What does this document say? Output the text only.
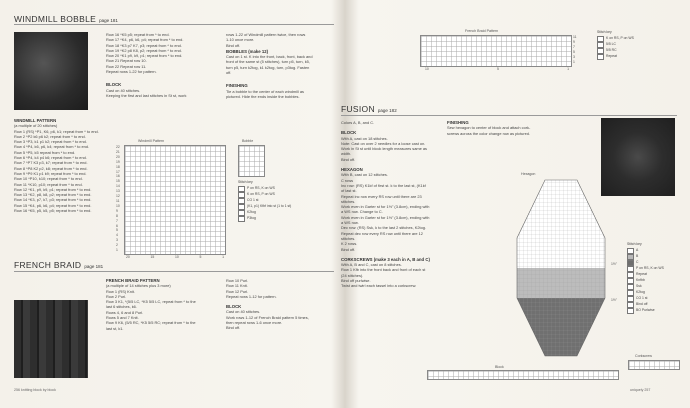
WINDMILL BOBBLE page 181

WINDMILL PATTERN

(a multiple of 20 stitches)

Row 1 (RS) *P1, K6, p6, k1; repeat from * to end.

Row 2 *P2 k6 p6 k2; repeat from * to end.

Row 3 *P3, k1 p1 k2; repeat from * to end.

Row 4 *P4, k6, p6, k4; repeat from * to end.

Row 5 *P5, k5 repeat from * to end.

Row 6 *P4, k4 p4 k6; repeat from * to end.

Row 7 *P7 K3 p3, k7; repeat from * to end.

Row 8 *P8 K2 p2, k8; repeat from * to end.

Row 9 *P9 K1 p1 k9; repeat from * to end.

Row 10 *P10, k10; repeat from * to end.

Row 11 *K10, p10; repeat from * to end.

Row 12 *K1, p9, k9, p1; repeat from * to end.

Row 13 *K2, p8, k8, p2; repeat from * to end.

Row 14 *K3, p7, k7, p3; repeat from * to end.

Row 15 *K4, p6, k6, p4; repeat from * to end.

Row 16 *K5, p5, k5, p5; repeat from * to end.

Row 16 *K5 p5; repeat from * to end.

Row 17 *K4, p6, k6, p4; repeat from * to end.

Row 18 *K3 p7 K7, p3; repeat from * to end.

Row 19 *K2 p8 K8, p2; repeat from * to end.

Row 20 *K1 p9, k9, p1; repeat from * to end.

Row 21 Repeat row 10.

Row 22 Repeat row 11.

Repeat rows 1-22 for pattern.

BLOCK

Cast on 40 stitches.

Keeping the first and last stitches in St st, work

rows 1-22 of Windmill pattern twice, then rows

1-10 once more.

Bind off.

BOBBLES (make 12)

Cast on 1 st. K into the front, back, front, back and

front of the same st (5 stitches), turn p5, turn, k5,

turn p5, turn k2tog, k1 k2tog, turn, p3tog. Fasten

off.

FINISHING

Tie a bobble to the center of each windmill as

pictured. Hide the ends inside the bobbles.

Windmill Pattern
22
21
20
19
18
17
16
15
14
13
12
11
10
9
8
7
6
5
4
3
2
1
20	15	10	5	1
Bobble
Stitch key
P on RS, K on WS
K on RS, P on WS
CO 1 st
(K1, p1) Kfbf into st (1 to 1 st)
K2tog
P3tog
FRENCH BRAID page 181

FRENCH BRAID PATTERN

(a multiple of 14 stitches plus 3 more)

Row 1 (RS) Knit.

Row 2 Purl.

Row 3 K1, *(5/5 LC, *K5 5/5 LC, repeat from * to the

last 6 stitches, k6.

Rows 4, 6 and 8 Purl.

Rows 5 and 7 Knit.

Row 9 K6, (5/5 RC, *K5 5/5 RC; repeat from * to the

last st, k1.

Row 10 Purl.

Row 11 Knit.

Row 12 Purl.

Repeat rows 1-12 for pattern.

BLOCK

Cast on 40 stitches.

Work rows 1-12 of French Braid pattern 5 times,

then repeat rows 1-6 once more.

Bind off.

256 knitting block by block
French Braid Pattern
11
9
7
5
3
1
10	5	1
Stitch key
K on RS, P on WS
5/5 LC
5/5 RC
Repeat
FUSION page 182

Colors A, B, and C.

BLOCK

With A, cast on 18 stitches.

Note: Cast on over 2 needles for a loose cast on.

Work in St st until block length measures same as

width.

Bind off.

HEXAGON

With B, cast on 12 stitches.

C rows

Inc row: (RS) K1kf of first st. k to the last st, (K1kf

of last st.

Repeat inc row every RS row until there are 23

stitches.

Work even in Garter st for 1½" (3.8cm), ending with

a WS row. Change to C.

Work even in Garter st for 1½" (3.8cm), ending with

a WS row.

Dec row: (RS) Ssk, k to the last 2 stitches, K2tog.

Repeat dec row every RS row until there are 12

stitches.

K 2 rows.

Bind off.

CORKSCREWS (make 3 each in A, B and C)

With A, B and C, cast on 8 stitches.

Row 1 Kfb into the front back and front of each st

(24 stitches).

Bind off purlwise.

Twist and twirl each tassel into a corkscrew.

FINISHING

Sew hexagon to center of block and attach cork-

screws across the color change row as pictured.

Hexagon
1½"
1½"
Stitch key
A
B
C
P on RS, K on WS
Repeat
Knfbb
Ssk
K2tog
CO 1 st
Bind off
BO Purlwise
Corkscrew
Block
uniquely 257
